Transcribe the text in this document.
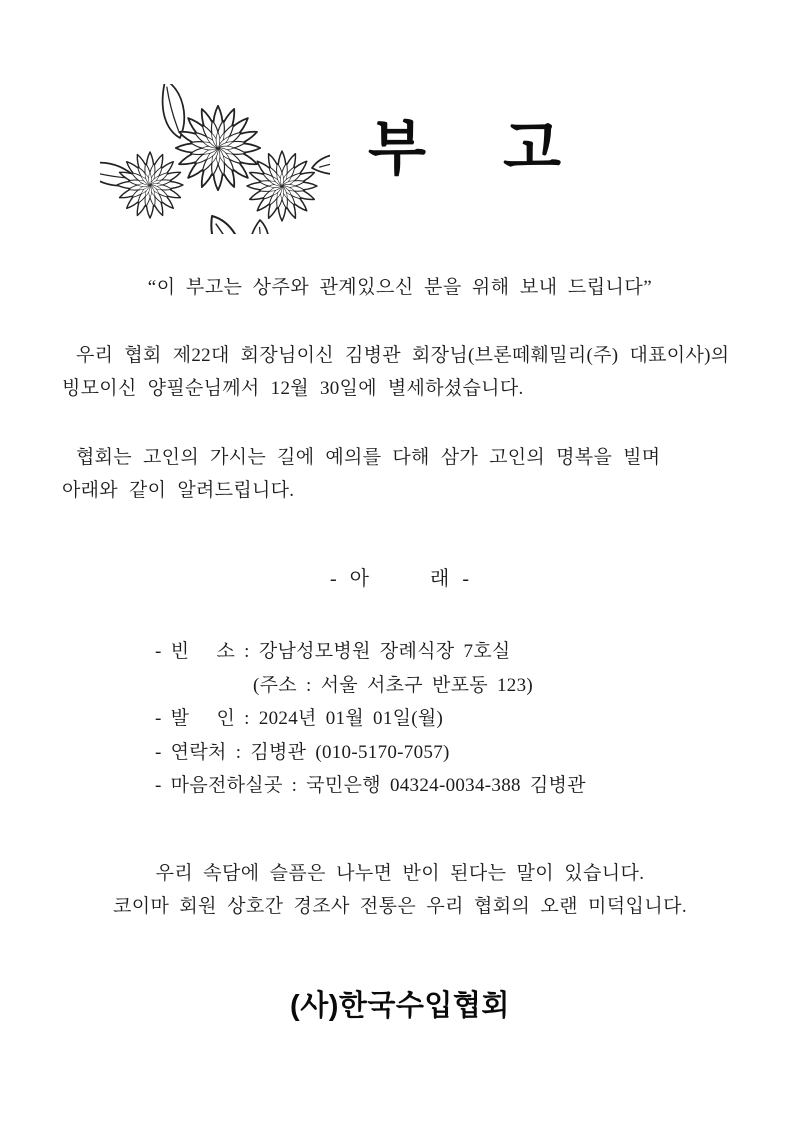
부 고
“이 부고는 상주와 관계있으신 분을 위해 보내 드립니다”
우리 협회 제22대 회장님이신 김병관 회장님(브론떼훼밀리(주) 대표이사)의
빙모이신 양필순님께서 12월 30일에 별세하셨습니다.
협회는 고인의 가시는 길에 예의를 다해 삼가 고인의 명복을 빌며
아래와 같이 알려드립니다.
-  아          래  -
- 빈   소 : 강남성모병원 장례식장 7호실
(주소 : 서울 서초구 반포동 123)
- 발   인 : 2024년 01월 01일(월)
- 연락처 : 김병관 (010-5170-7057)
- 마음전하실곳 : 국민은행 04324-0034-388 김병관
우리 속담에 슬픔은 나누면 반이 된다는 말이 있습니다.
코이마 회원 상호간 경조사 전통은 우리 협회의 오랜 미덕입니다.
(사)한국수입협회
